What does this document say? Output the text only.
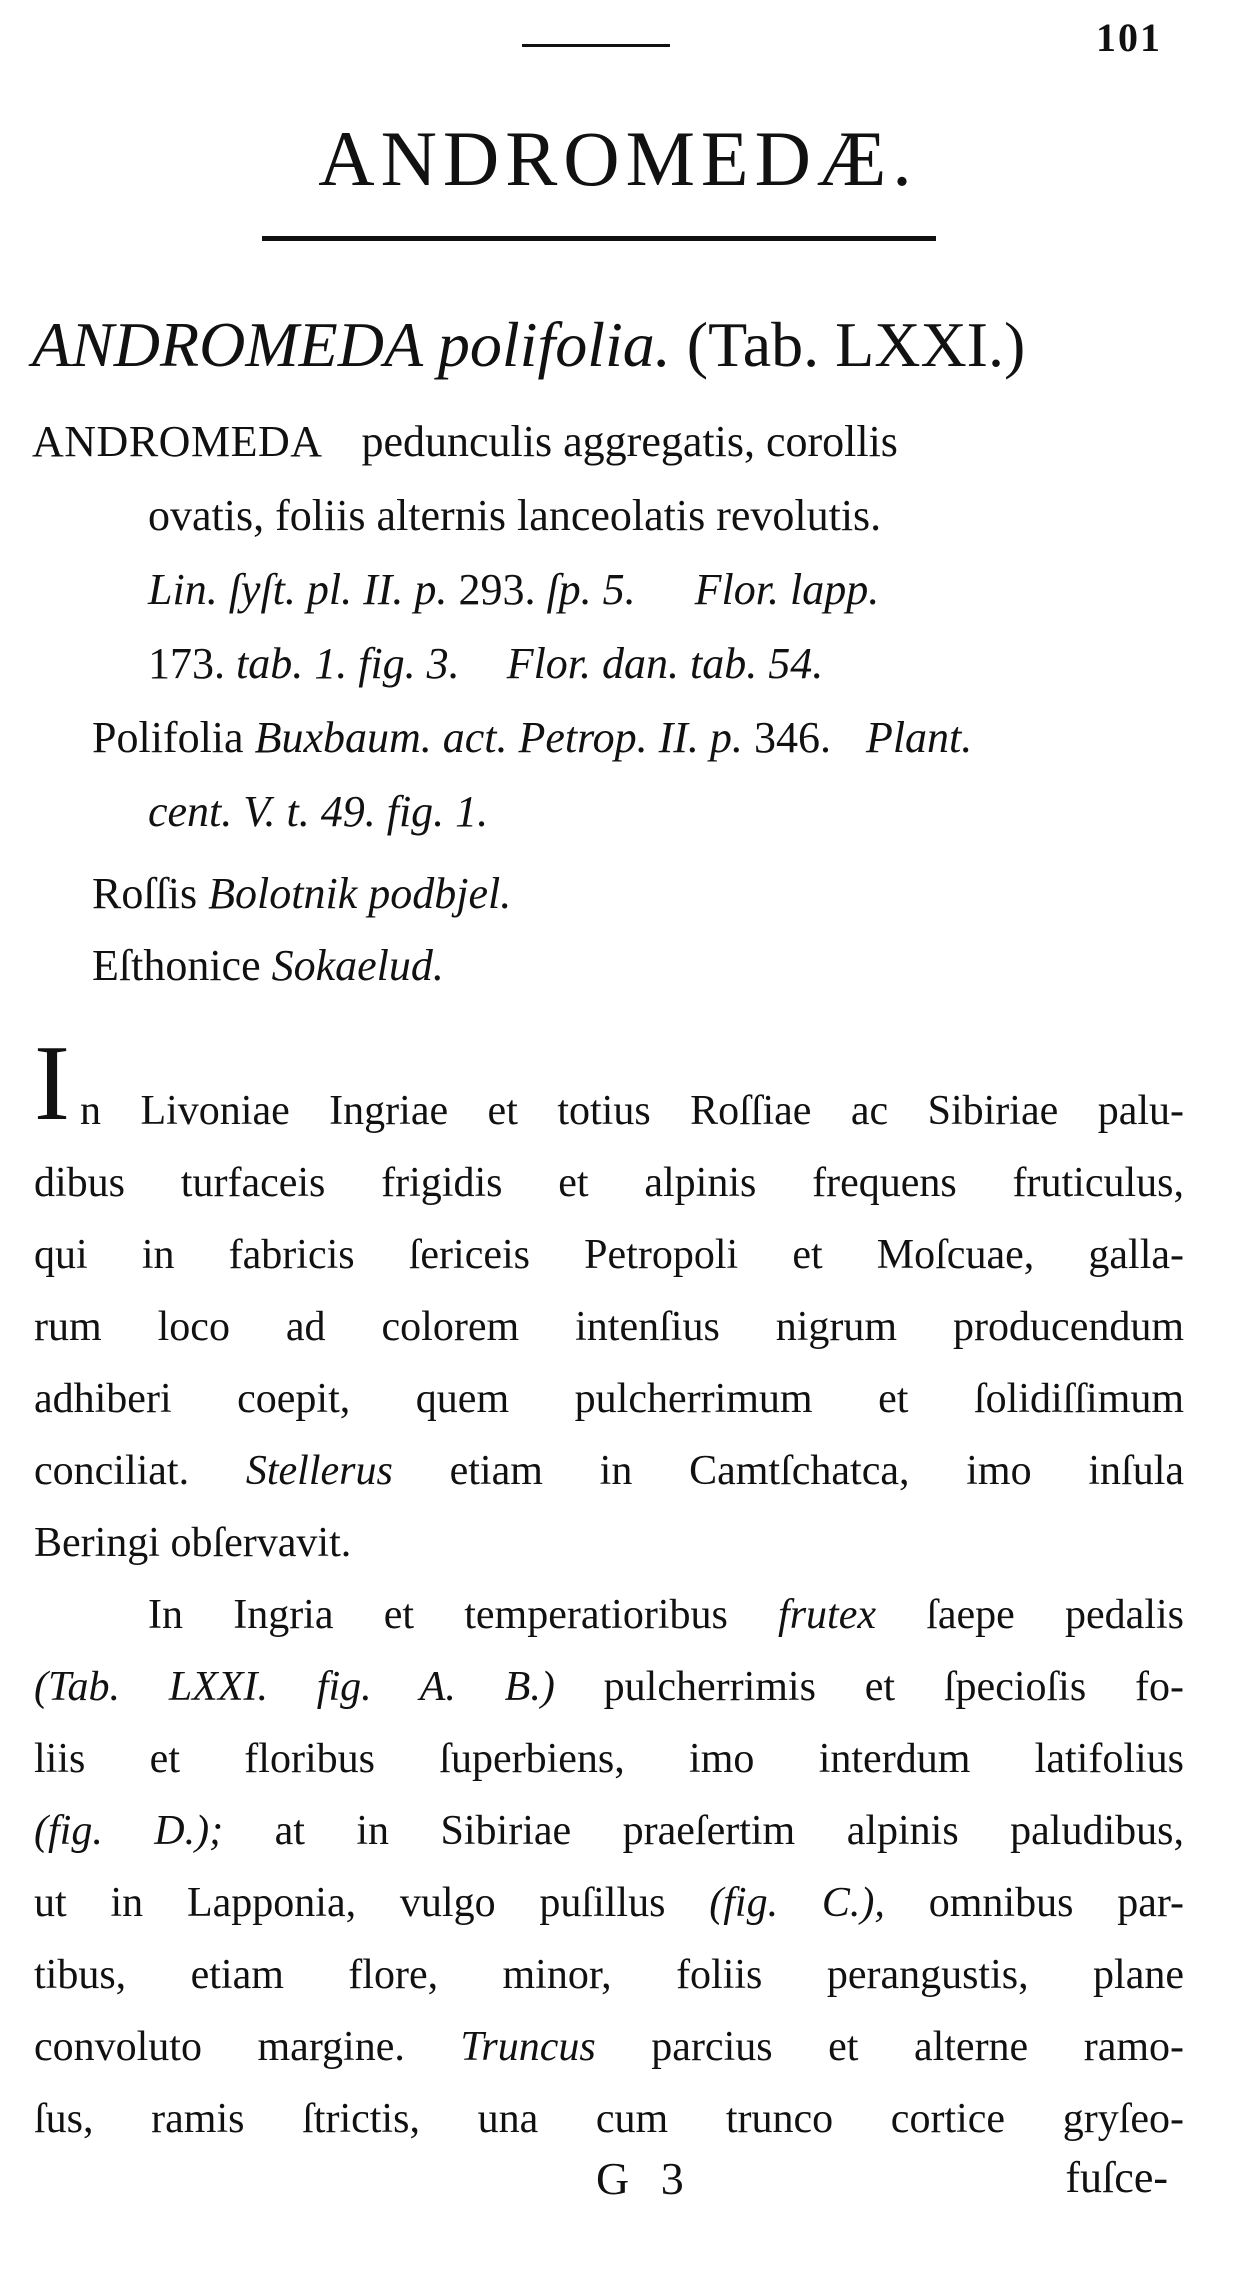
101
ANDROMEDÆ.
ANDROMEDA polifolia. (Tab. LXXI.)
ANDROMEDA pedunculis aggregatis, corollis
ovatis, foliis alternis lanceolatis revolutis.
Lin. ſyſt. pl. II. p. 293. ſp. 5. Flor. lapp.
173. tab. 1. fig. 3. Flor. dan. tab. 54.
Polifolia Buxbaum. act. Petrop. II. p. 346. Plant.
cent. V. t. 49. fig. 1.
Roſſis Bolotnik podbjel.
Eſthonice Sokaelud.
I n Livoniae Ingriae et totius Roſſiae ac Sibiriae palu-
dibus turfaceis frigidis et alpinis frequens fruticulus,
qui in fabricis ſericeis Petropoli et Moſcuae, galla-
rum loco ad colorem intenſius nigrum producendum
adhiberi coepit, quem pulcherrimum et ſolidiſſimum
conciliat. Stellerus etiam in Camtſchatca, imo inſula
Beringi obſervavit.
In Ingria et temperatioribus frutex ſaepe pedalis
(Tab. LXXI. fig. A. B.) pulcherrimis et ſpecioſis fo-
liis et floribus ſuperbiens, imo interdum latifolius
(fig. D.); at in Sibiriae praeſertim alpinis paludibus,
ut in Lapponia, vulgo puſillus (fig. C.), omnibus par-
tibus, etiam flore, minor, foliis perangustis, plane
convoluto margine. Truncus parcius et alterne ramo-
ſus, ramis ſtrictis, una cum trunco cortice gryſeo-
G 3	fuſce-
